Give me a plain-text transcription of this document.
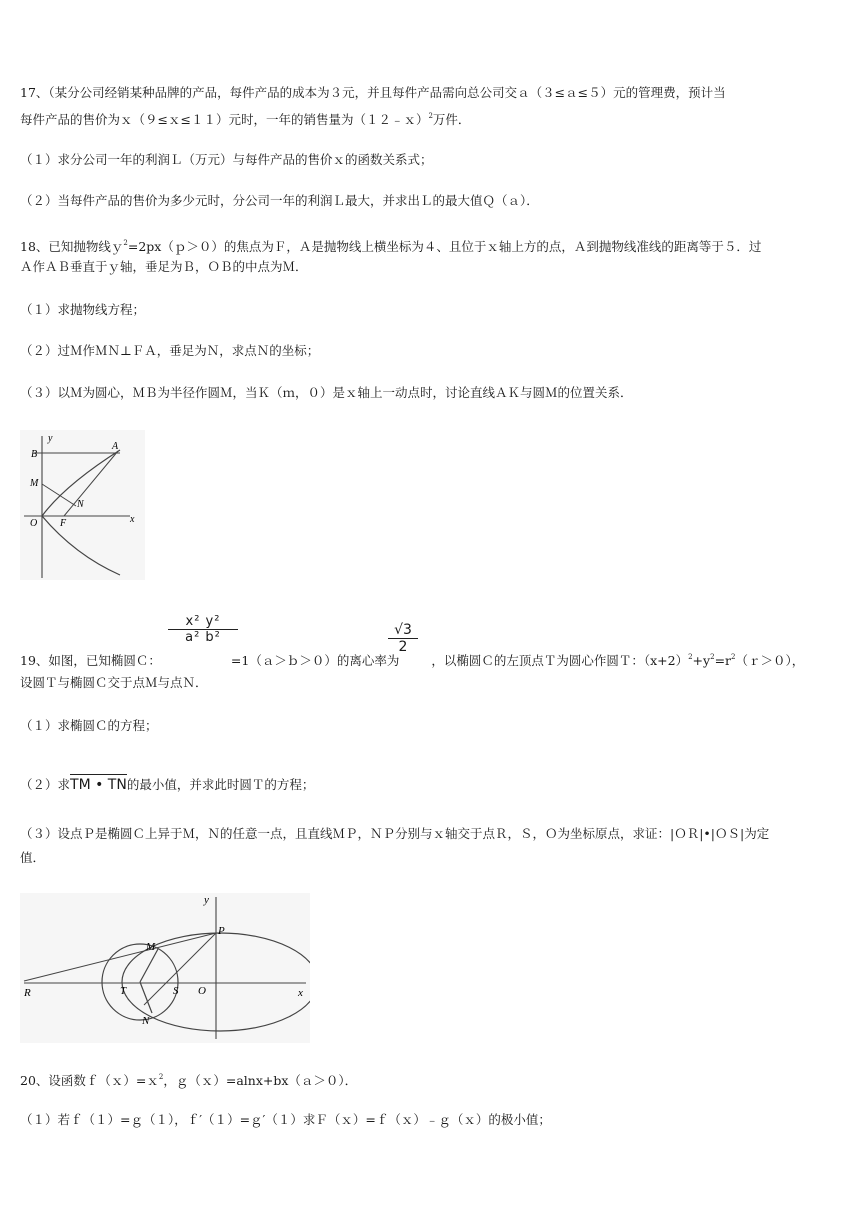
17、（某分公司经销某种品牌的产品，每件产品的成本为３元，并且每件产品需向总公司交ａ（３≤ａ≤５）元的管理费，预计当
每件产品的售价为ｘ（９≤ｘ≤１１）元时，一年的销售量为（１２﹣ｘ）$^2$万件．
（１）求分公司一年的利润Ｌ（万元）与每件产品的售价ｘ的函数关系式；
（２）当每件产品的售价为多少元时，分公司一年的利润Ｌ最大，并求出Ｌ的最大值Ｑ（ａ）．
18、已知抛物线ｙ$^2$=2px（ｐ＞０）的焦点为Ｆ，Ａ是抛物线上横坐标为４、且位于ｘ轴上方的点，Ａ到抛物线准线的距离等于５．过
Ａ作ＡＢ垂直于ｙ轴，垂足为Ｂ，ＯＢ的中点为Ｍ．
（１）求抛物线方程；
（２）过Ｍ作ＭＮ⊥ＦＡ，垂足为Ｎ，求点Ｎ的坐标；
（３）以Ｍ为圆心，ＭＢ为半径作圆Ｍ，当Ｋ（ｍ，０）是ｘ轴上一动点时，讨论直线ＡＫ与圆Ｍ的位置关系．
y
x
A
B
M
N
O F
$\frac{\text{x² y²}}{\text{a² b²}}$	$\frac{√3}{2}$
19、如图，已知椭圆Ｃ：	=1（ａ＞ｂ＞０）的离心率为	，以椭圆Ｃ的左顶点Ｔ为圆心作圆Ｔ：$(x+2)^2+y^2=r^2(r>0)$，
设圆Ｔ与椭圆Ｃ交于点Ｍ与点Ｎ．
（１）求椭圆Ｃ的方程；
（２）求TM • TN的最小值，并求此时圆Ｔ的方程；
（３）设点Ｐ是椭圆Ｃ上异于Ｍ，Ｎ的任意一点，且直线ＭＰ，ＮＰ分别与ｘ轴交于点Ｒ，Ｓ，Ｏ为坐标原点，求证：|ＯＲ|•|ＯＳ|为定
值．
y
x
M
P
R	T	S O
N
20、设函数ｆ（ｘ）=ｘ$^2$，ｇ（ｘ）=alnx+bx（ａ＞０）．
（１）若ｆ（１）=ｇ（１），ｆ′（１）=ｇ′（１）求Ｆ（ｘ）=ｆ（ｘ）﹣ｇ（ｘ）的极小值；
